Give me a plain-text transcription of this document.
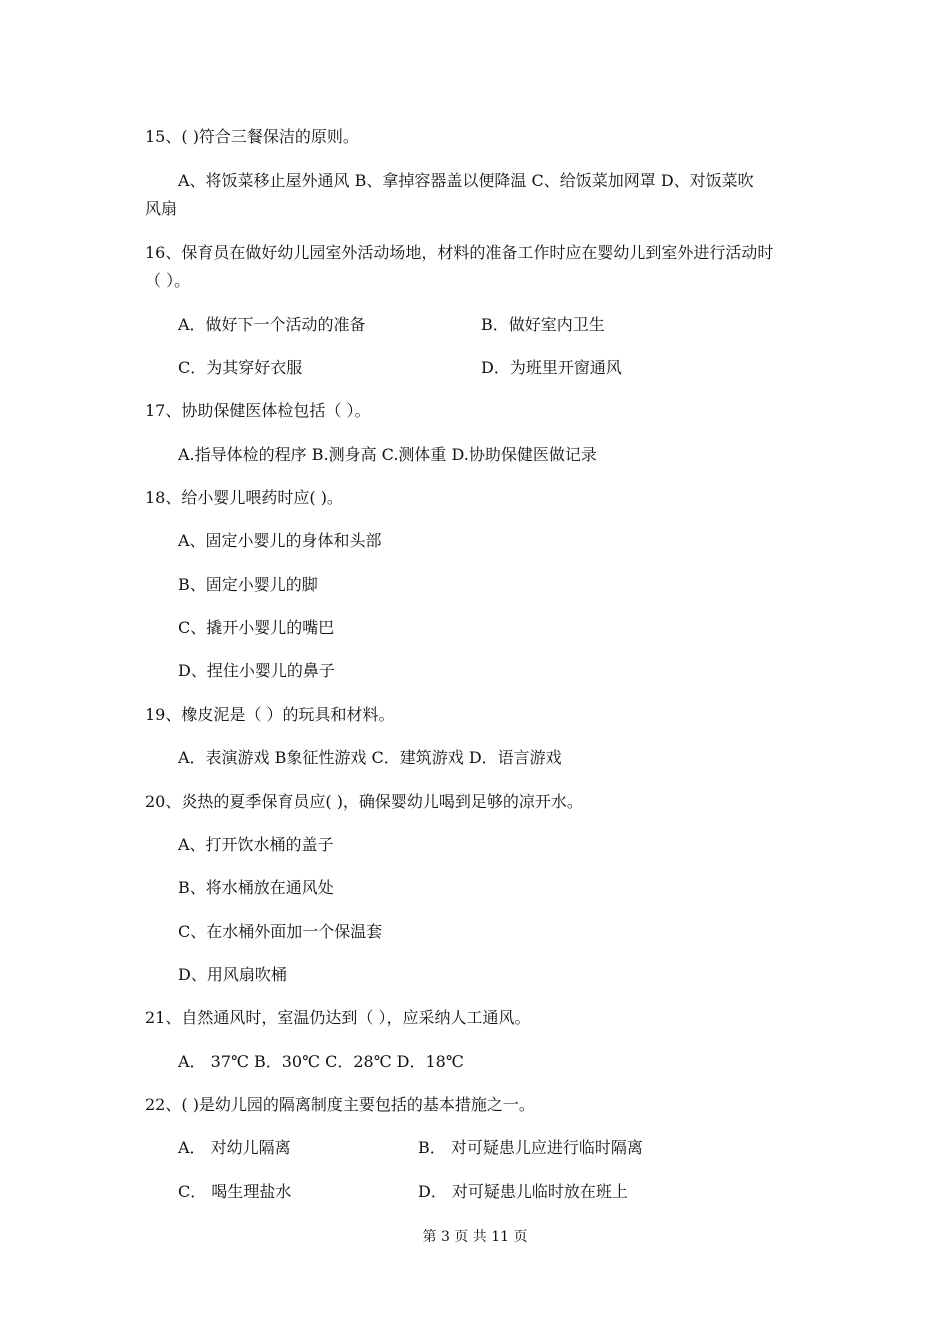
15、( )符合三餐保洁的原则。
A、将饭菜移止屋外通风 B、拿掉容器盖以便降温 C、给饭菜加网罩 D、对饭菜吹
风扇
16、保育员在做好幼儿园室外活动场地，材料的准备工作时应在婴幼儿到室外进行活动时
（ ）。
A．做好下一个活动的准备	B．做好室内卫生
C．为其穿好衣服	D．为班里开窗通风
17、协助保健医体检包括（ ）。
A.指导体检的程序 B.测身高 C.测体重 D.协助保健医做记录
18、给小婴儿喂药时应( )。
A、固定小婴儿的身体和头部
B、固定小婴儿的脚
C、撬开小婴儿的嘴巴
D、捏住小婴儿的鼻子
19、橡皮泥是（ ）的玩具和材料。
A．表演游戏 B象征性游戏 C．建筑游戏 D．语言游戏
20、炎热的夏季保育员应( )，确保婴幼儿喝到足够的凉开水。
A、打开饮水桶的盖子
B、将水桶放在通风处
C、在水桶外面加一个保温套
D、用风扇吹桶
21、自然通风时，室温仍达到（ ），应采纳人工通风。
A． 37℃ B．30℃ C．28℃ D．18℃
22、( )是幼儿园的隔离制度主要包括的基本措施之一。
A． 对幼儿隔离	B． 对可疑患儿应进行临时隔离
C． 喝生理盐水	D． 对可疑患儿临时放在班上
第 3 页 共 11 页
